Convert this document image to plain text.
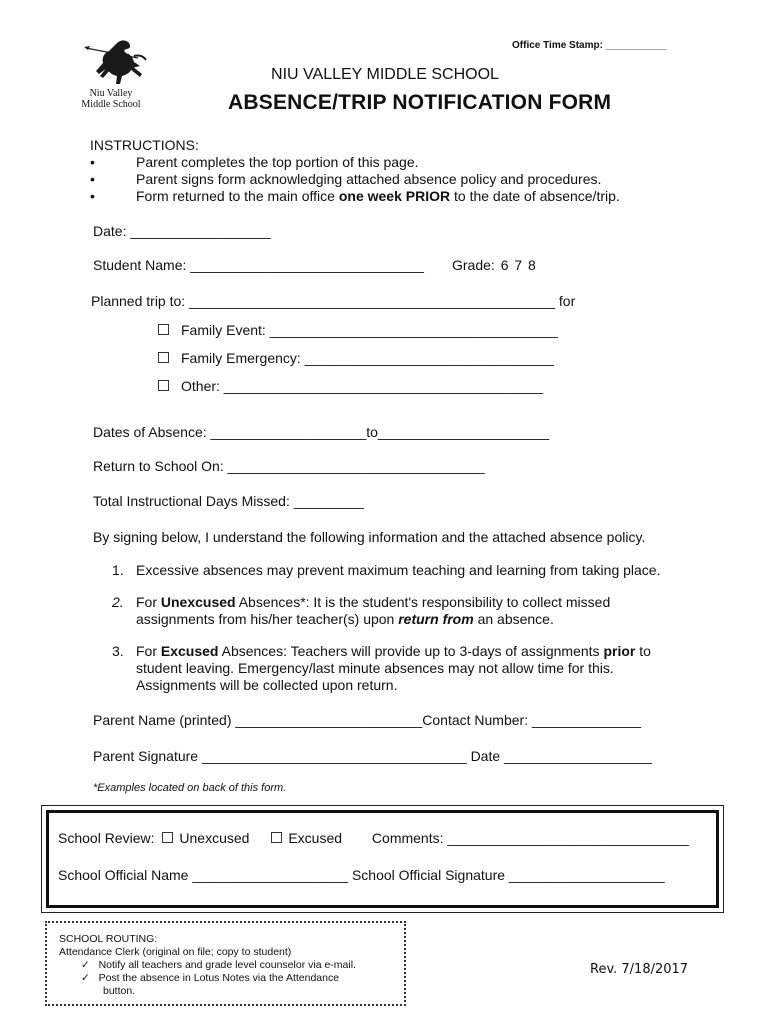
Niu Valley
Middle School
Office Time Stamp: ___________
NIU VALLEY MIDDLE SCHOOL
ABSENCE/TRIP NOTIFICATION FORM
INSTRUCTIONS:
•	Parent completes the top portion of this page.
•	Parent signs form acknowledging attached absence policy and procedures.
•	Form returned to the main office one week PRIOR to the date of absence/trip.
Date: __________________
Student Name: ______________________________ Grade: 6 7 8
Planned trip to: _______________________________________________ for
Family Event: _____________________________________
Family Emergency: ________________________________
Other: _________________________________________
Dates of Absence: ____________________to______________________
Return to School On: _________________________________
Total Instructional Days Missed: _________
By signing below, I understand the following information and the attached absence policy.
1. Excessive absences may prevent maximum teaching and learning from taking place.
2. For Unexcused Absences*: It is the student's responsibility to collect missed
assignments from his/her teacher(s) upon return from an absence.
3. For Excused Absences: Teachers will provide up to 3-days of assignments prior to
student leaving. Emergency/last minute absences may not allow time for this.
Assignments will be collected upon return.
Parent Name (printed) ________________________Contact Number: ______________
Parent Signature __________________________________ Date ___________________
*Examples located on back of this form.
School Review: Unexcused	Excused Comments: _______________________________
School Official Name ____________________ School Official Signature ____________________
SCHOOL ROUTING:
Attendance Clerk (original on file; copy to student)
✓ Notify all teachers and grade level counselor via e-mail.
✓ Post the absence in Lotus Notes via the Attendance
button.
Rev. 7/18/2017
